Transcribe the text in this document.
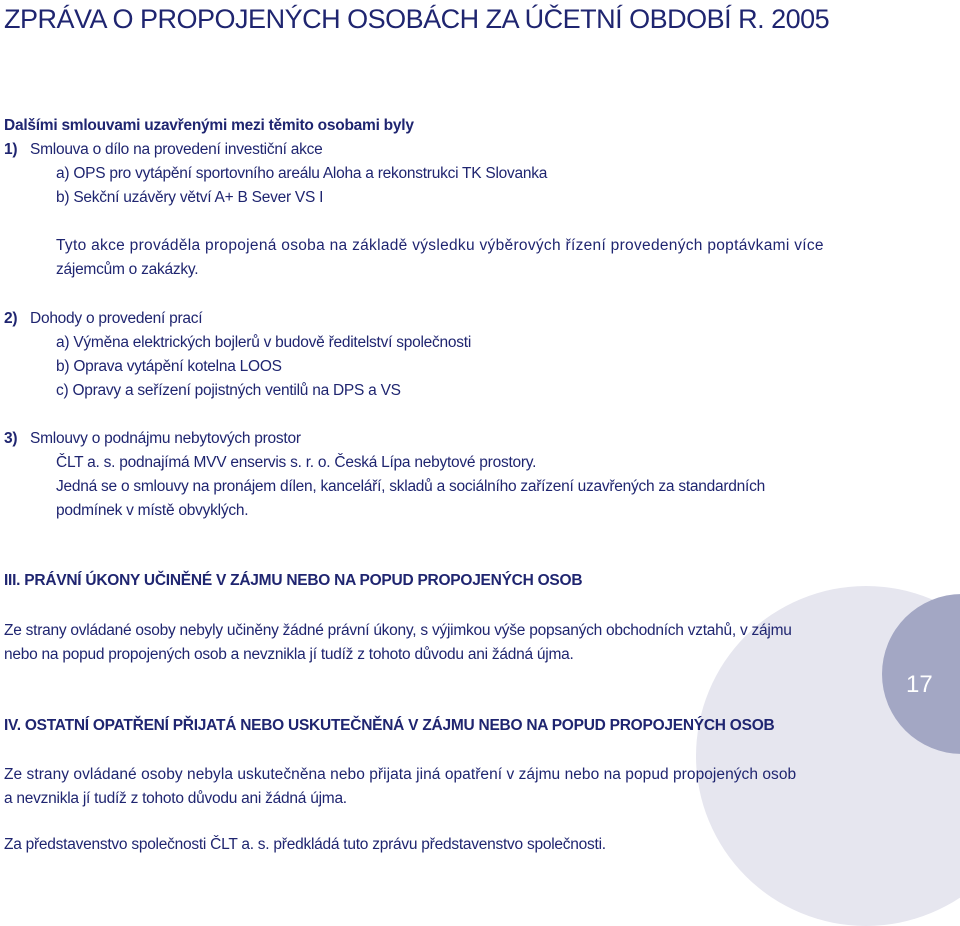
17
ZPRÁVA O PROPOJENÝCH OSOBÁCH ZA ÚČETNÍ OBDOBÍ R. 2005
Dalšími smlouvami uzavřenými mezi těmito osobami byly
1) Smlouva o dílo na provedení investiční akce
a) OPS pro vytápění sportovního areálu Aloha a rekonstrukci TK Slovanka
b) Sekční uzávěry větví A+ B Sever VS I
Tyto akce prováděla propojená osoba na základě výsledku výběrových řízení provedených poptávkami více
zájemcům o zakázky.
2) Dohody o provedení prací
a) Výměna elektrických bojlerů v budově ředitelství společnosti
b) Oprava vytápění kotelna LOOS
c) Opravy a seřízení pojistných ventilů na DPS a VS
3) Smlouvy o podnájmu nebytových prostor
ČLT a. s. podnajímá MVV enservis s. r. o. Česká Lípa nebytové prostory.
Jedná se o smlouvy na pronájem dílen, kanceláří, skladů a sociálního zařízení uzavřených za standardních
podmínek v místě obvyklých.
III. PRÁVNÍ ÚKONY UČINĚNÉ V ZÁJMU NEBO NA POPUD PROPOJENÝCH OSOB
Ze strany ovládané osoby nebyly učiněny žádné právní úkony, s výjimkou výše popsaných obchodních vztahů, v zájmu
nebo na popud propojených osob a nevznikla jí tudíž z tohoto důvodu ani žádná újma.
IV. OSTATNÍ OPATŘENÍ PŘIJATÁ NEBO USKUTEČNĚNÁ V ZÁJMU NEBO NA POPUD PROPOJENÝCH OSOB
Ze strany ovládané osoby nebyla uskutečněna nebo přijata jiná opatření v zájmu nebo na popud propojených osob
a nevznikla jí tudíž z tohoto důvodu ani žádná újma.
Za představenstvo společnosti ČLT a. s. předkládá tuto zprávu představenstvo společnosti.
